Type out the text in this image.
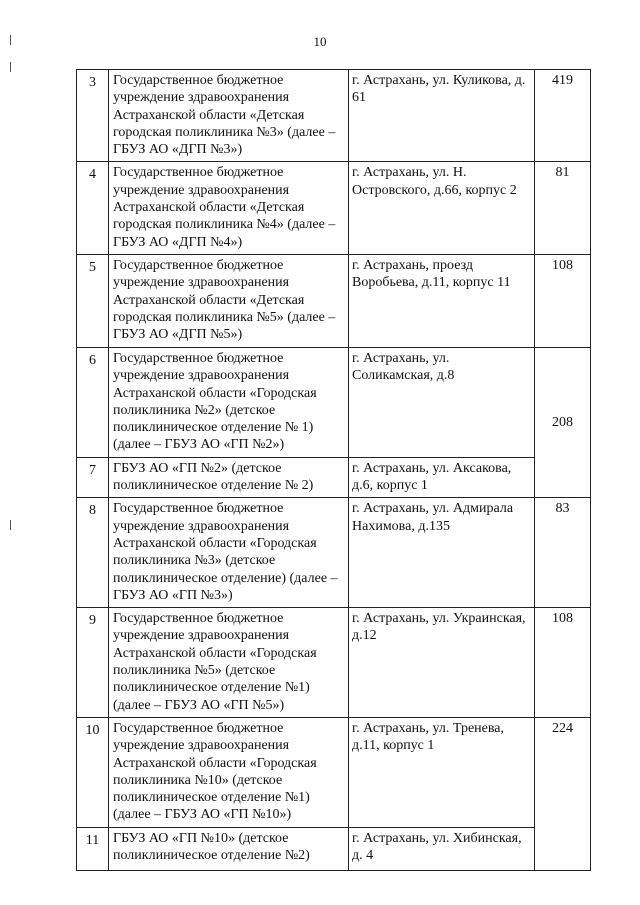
10
3	Государственное бюджетное учреждение здравоохранения Астраханской области «Детская городская поликлиника №3» (далее – ГБУЗ АО «ДГП №3»)	г. Астрахань, ул. Куликова, д. 61	419
4	Государственное бюджетное учреждение здравоохранения Астраханской области «Детская городская поликлиника №4» (далее – ГБУЗ АО «ДГП №4»)	г. Астрахань, ул. Н. Островского, д.66, корпус 2	81
5	Государственное бюджетное учреждение здравоохранения Астраханской области «Детская городская поликлиника №5» (далее – ГБУЗ АО «ДГП №5»)	г. Астрахань, проезд Воробьева, д.11, корпус 11	108
6	Государственное бюджетное учреждение здравоохранения Астраханской области «Городская поликлиника №2» (детское поликлиническое отделение № 1) (далее – ГБУЗ АО «ГП №2»)	г. Астрахань, ул. Соликамская, д.8	208
7	ГБУЗ АО «ГП №2» (детское поликлиническое отделение № 2)	г. Астрахань, ул. Аксакова, д.6, корпус 1	
8	Государственное бюджетное учреждение здравоохранения Астраханской области «Городская поликлиника №3» (детское поликлиническое отделение) (далее – ГБУЗ АО «ГП №3»)	г. Астрахань, ул. Адмирала Нахимова, д.135	83
9	Государственное бюджетное учреждение здравоохранения Астраханской области «Городская поликлиника №5» (детское поликлиническое отделение №1) (далее – ГБУЗ АО «ГП №5»)	г. Астрахань, ул. Украинская, д.12	108
10	Государственное бюджетное учреждение здравоохранения Астраханской области «Городская поликлиника №10» (детское поликлиническое отделение №1) (далее – ГБУЗ АО «ГП №10»)	г. Астрахань, ул. Тренева, д.11, корпус 1	224
11	ГБУЗ АО «ГП №10» (детское поликлиническое отделение №2)	г. Астрахань, ул. Хибинская, д. 4	
